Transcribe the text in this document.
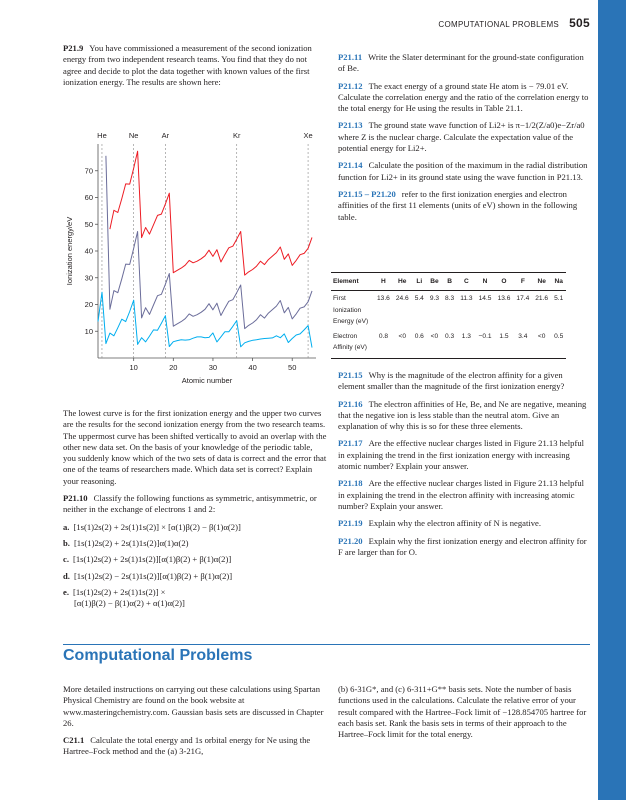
COMPUTATIONAL PROBLEMS 505

P21.9 You have commissioned a measurement of the second ionization energy from two independent research teams. You find that they do not agree and decide to plot the data together with known values of the first ionization energy. The results are shown here:

He	Ne	Ar	Kr	Xe
10
20
30
40
50
60
70
10	20	30	40	50
Atomic number
Ionization energy/eV

The lowest curve is for the first ionization energy and the upper two curves are the results for the second ionization energy from the two research teams. The uppermost curve has been shifted vertically to avoid an overlap with the other new data set. On the basis of your knowledge of the periodic table, you suddenly know which of the two sets of data is correct and the error that one of the teams of researchers made. Which data set is correct? Explain your reasoning.

P21.10 Classify the following functions as symmetric, antisymmetric, or neither in the exchange of electrons 1 and 2:

a. [1s(1)2s(2) + 2s(1)1s(2)] × [α(1)β(2) − β(1)α(2)]
b. [1s(1)2s(2) + 2s(1)1s(2)]α(1)α(2)
c. [1s(1)2s(2) + 2s(1)1s(2)][α(1)β(2) + β(1)α(2)]
d. [1s(1)2s(2) − 2s(1)1s(2)][α(1)β(2) + β(1)α(2)]
e. [1s(1)2s(2) + 2s(1)1s(2)] ×
[α(1)β(2) − β(1)α(2) + α(1)α(2)]

P21.11 Write the Slater determinant for the ground-state configuration of Be.

P21.12 The exact energy of a ground state He atom is − 79.01 eV. Calculate the correlation energy and the ratio of the correlation energy to the total energy for He using the results in Table 21.1.

P21.13 The ground state wave function of Li2+ is π−1/2(Z/a0)e−Zr/a0 where Z is the nuclear charge. Calculate the expectation value of the potential energy for Li2+.

P21.14 Calculate the position of the maximum in the radial distribution function for Li2+ in its ground state using the wave function in P21.13.

P21.15 – P21.20 refer to the first ionization energies and electron affinities of the first 11 elements (units of eV) shown in the following table.

Element	H	He	Li	Be	B	C	N	O	F	Ne	Na
First Ionization Energy (eV)	13.6	24.6	5.4	9.3	8.3	11.3	14.5	13.6	17.4	21.6	5.1
Electron Affinity (eV)	0.8	<0	0.6	<0	0.3	1.3	−0.1	1.5	3.4	<0	0.5

P21.15 Why is the magnitude of the electron affinity for a given element smaller than the magnitude of the first ionization energy?

P21.16 The electron affinities of He, Be, and Ne are negative, meaning that the negative ion is less stable than the neutral atom. Give an explanation of why this is so for these three elements.

P21.17 Are the effective nuclear charges listed in Figure 21.13 helpful in explaining the trend in the first ionization energy with increasing atomic number? Explain your answer.

P21.18 Are the effective nuclear charges listed in Figure 21.13 helpful in explaining the trend in the electron affinity with increasing atomic number? Explain your answer.

P21.19 Explain why the electron affinity of N is negative.

P21.20 Explain why the first ionization energy and electron affinity for F are larger than for O.

Computational Problems

More detailed instructions on carrying out these calculations using Spartan Physical Chemistry are found on the book website at www.masteringchemistry.com. Gaussian basis sets are discussed in Chapter 26.

C21.1 Calculate the total energy and 1s orbital energy for Ne using the Hartree–Fock method and the (a) 3-21G,

(b) 6-31G*, and (c) 6-311+G** basis sets. Note the number of basis functions used in the calculations. Calculate the relative error of your result compared with the Hartree–Fock limit of −128.854705 hartree for each basis set. Rank the basis sets in terms of their approach to the Hartree–Fock limit for the total energy.
